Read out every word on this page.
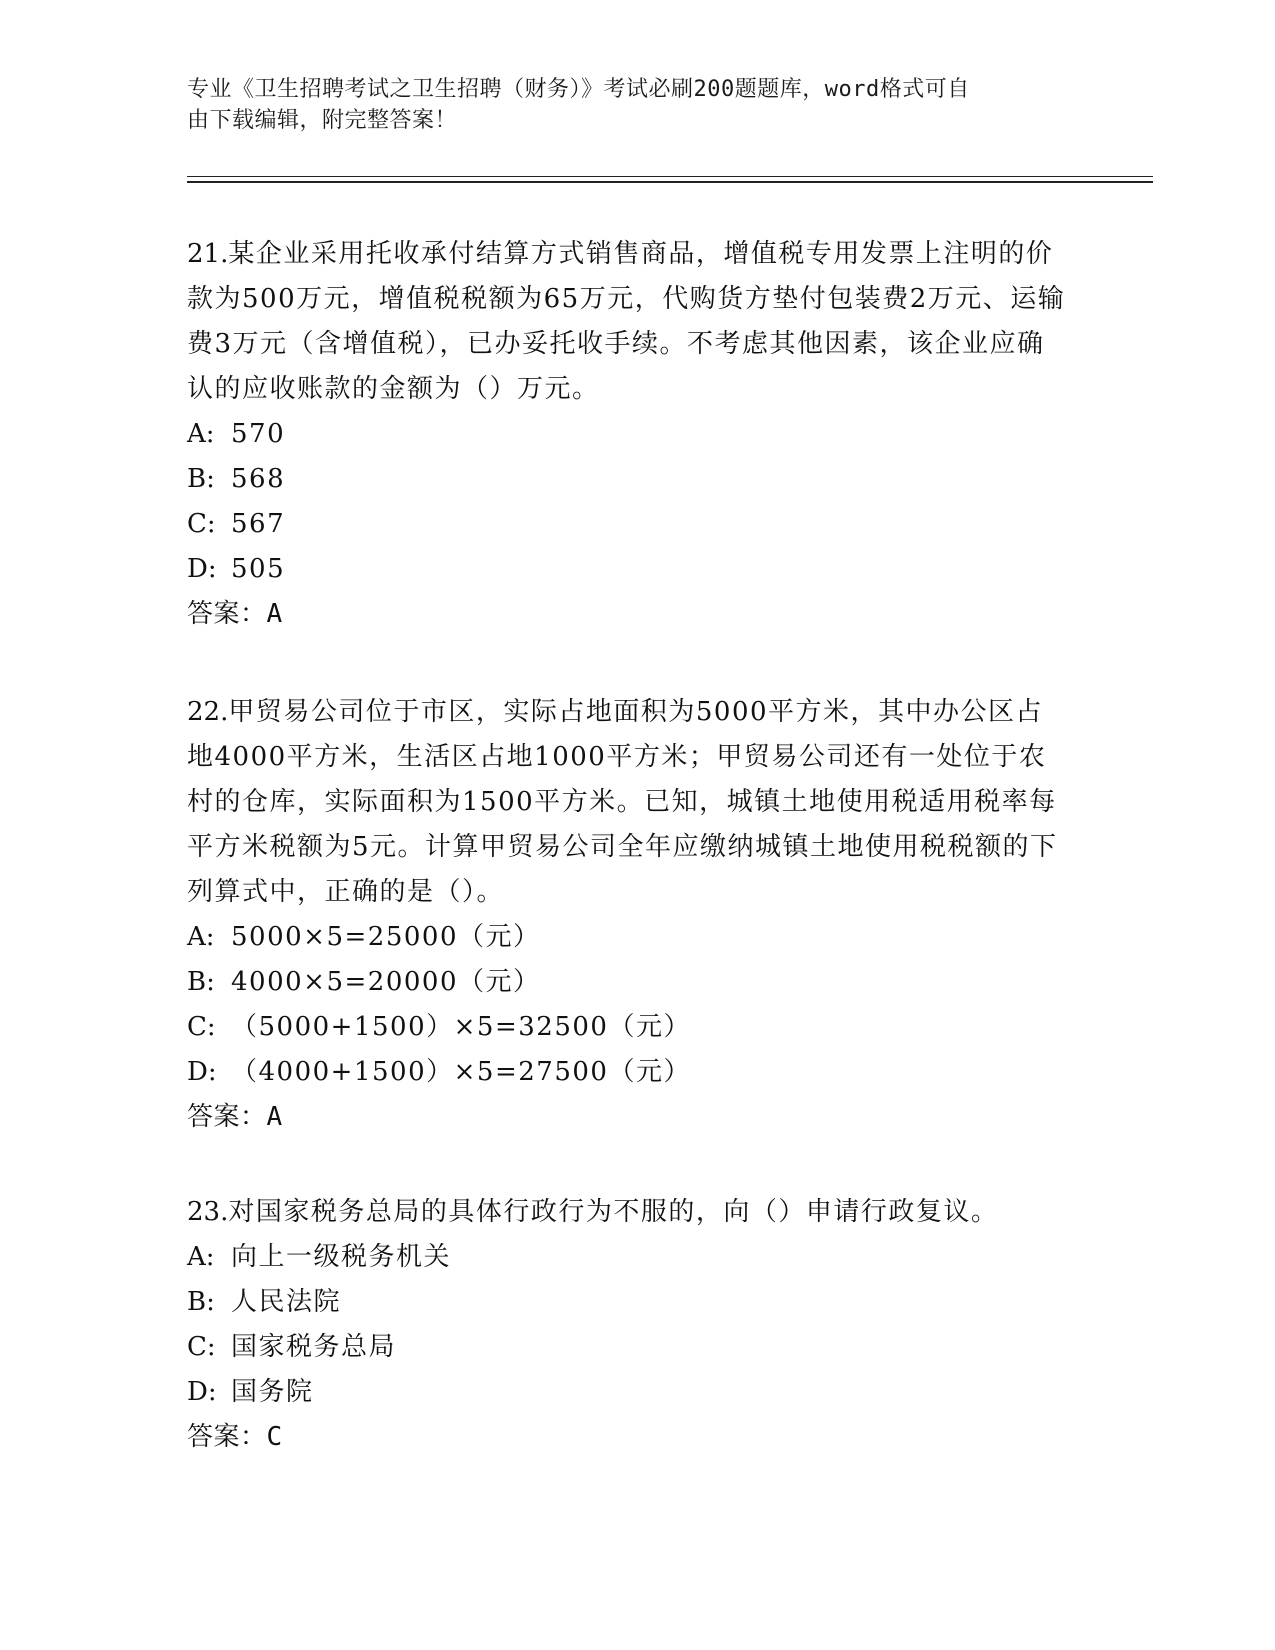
专业《卫生招聘考试之卫生招聘（财务）》考试必刷200题题库，word格式可自
由下载编辑，附完整答案！

21.某企业采用托收承付结算方式销售商品，增值税专用发票上注明的价款为500万元，增值税税额为65万元，代购货方垫付包装费2万元、运输费3万元（含增值税），已办妥托收手续。不考虑其他因素，该企业应确认的应收账款的金额为（）万元。

A: 570

B: 568

C: 567

D: 505

答案：A

22.甲贸易公司位于市区，实际占地面积为5000平方米，其中办公区占地4000平方米，生活区占地1000平方米；甲贸易公司还有一处位于农村的仓库，实际面积为1500平方米。已知，城镇土地使用税适用税率每平方米税额为5元。计算甲贸易公司全年应缴纳城镇土地使用税税额的下列算式中，正确的是（）。

A: 5000×5=25000（元）

B: 4000×5=20000（元）

C: （5000+1500）×5=32500（元）

D: （4000+1500）×5=27500（元）

答案：A

23.对国家税务总局的具体行政行为不服的，向（）申请行政复议。

A: 向上一级税务机关

B: 人民法院

C: 国家税务总局

D: 国务院

答案：C
